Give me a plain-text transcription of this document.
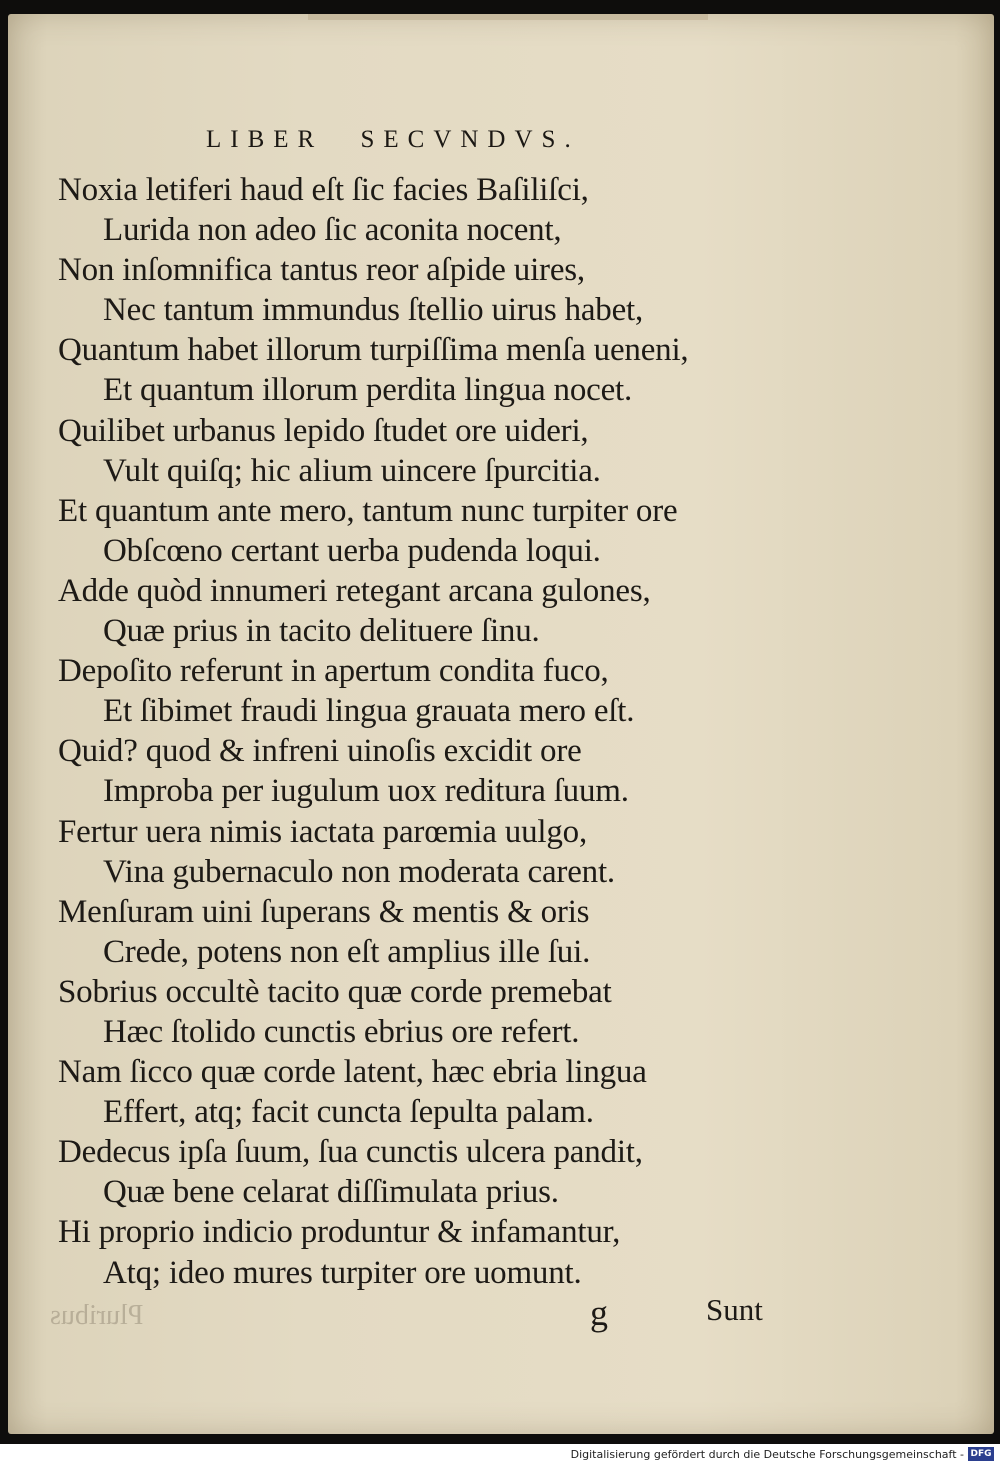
LIBER SECVNDVS.
Noxia letiferi haud eſt ſic facies Baſiliſci,
Lurida non adeo ſic aconita nocent,
Non inſomnifica tantus reor aſpide uires,
Nec tantum immundus ſtellio uirus habet,
Quantum habet illorum turpiſſima menſa ueneni,
Et quantum illorum perdita lingua nocet.
Quilibet urbanus lepido ſtudet ore uideri,
Vult quiſq; hic alium uincere ſpurcitia.
Et quantum ante mero, tantum nunc turpiter ore
Obſcœno certant uerba pudenda loqui.
Adde quòd innumeri retegant arcana gulones,
Quæ prius in tacito delituere ſinu.
Depoſito referunt in apertum condita fuco,
Et ſibimet fraudi lingua grauata mero eſt.
Quid? quod & infreni uinoſis excidit ore
Improba per iugulum uox reditura ſuum.
Fertur uera nimis iactata parœmia uulgo,
Vina gubernaculo non moderata carent.
Menſuram uini ſuperans & mentis & oris
Crede, potens non eſt amplius ille ſui.
Sobrius occultè tacito quæ corde premebat
Hæc ſtolido cunctis ebrius ore refert.
Nam ſicco quæ corde latent, hæc ebria lingua
Effert, atq; facit cuncta ſepulta palam.
Dedecus ipſa ſuum, ſua cunctis ulcera pandit,
Quæ bene celarat diſſimulata prius.
Hi proprio indicio produntur & infamantur,
Atq; ideo mures turpiter ore uomunt.
Pluribus	g	Sunt
Digitalisierung gefördert durch die Deutsche Forschungsgemeinschaft - DFG
